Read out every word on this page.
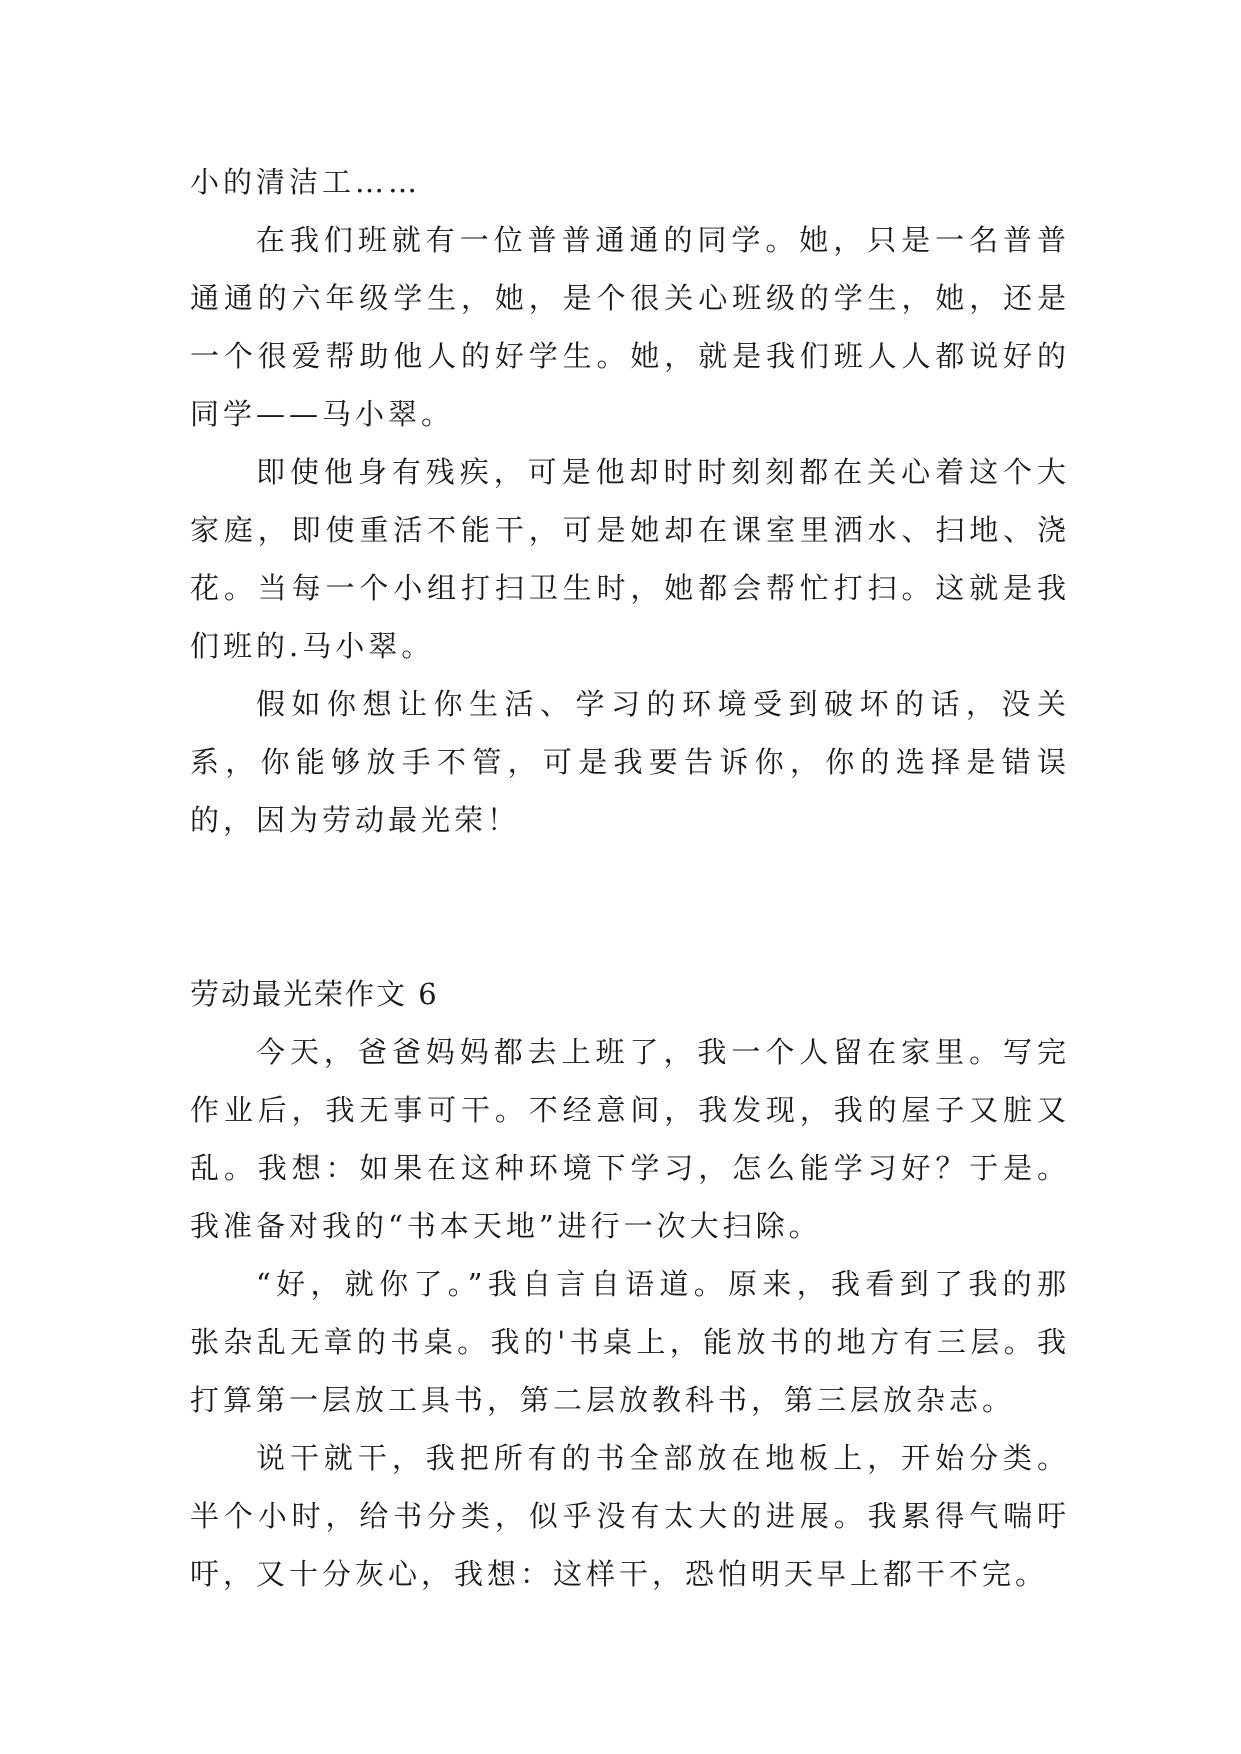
小的清洁工……

在我们班就有一位普普通通的同学。她，只是一名普普通通的六年级学生，她，是个很关心班级的学生，她，还是一个很爱帮助他人的好学生。她，就是我们班人人都说好的同学——马小翠。

即使他身有残疾，可是他却时时刻刻都在关心着这个大家庭，即使重活不能干，可是她却在课室里洒水、扫地、浇花。当每一个小组打扫卫生时，她都会帮忙打扫。这就是我们班的.马小翠。

假如你想让你生活、学习的环境受到破坏的话，没关系，你能够放手不管，可是我要告诉你，你的选择是错误的，因为劳动最光荣！

劳动最光荣作文 6

今天，爸爸妈妈都去上班了，我一个人留在家里。写完作业后，我无事可干。不经意间，我发现，我的屋子又脏又乱。我想：如果在这种环境下学习，怎么能学习好？于是。我准备对我的“书本天地”进行一次大扫除。

“好，就你了。”我自言自语道。原来，我看到了我的那张杂乱无章的书桌。我的'书桌上，能放书的地方有三层。我打算第一层放工具书，第二层放教科书，第三层放杂志。

说干就干，我把所有的书全部放在地板上，开始分类。半个小时，给书分类，似乎没有太大的进展。我累得气喘吁吁，又十分灰心，我想：这样干，恐怕明天早上都干不完。
